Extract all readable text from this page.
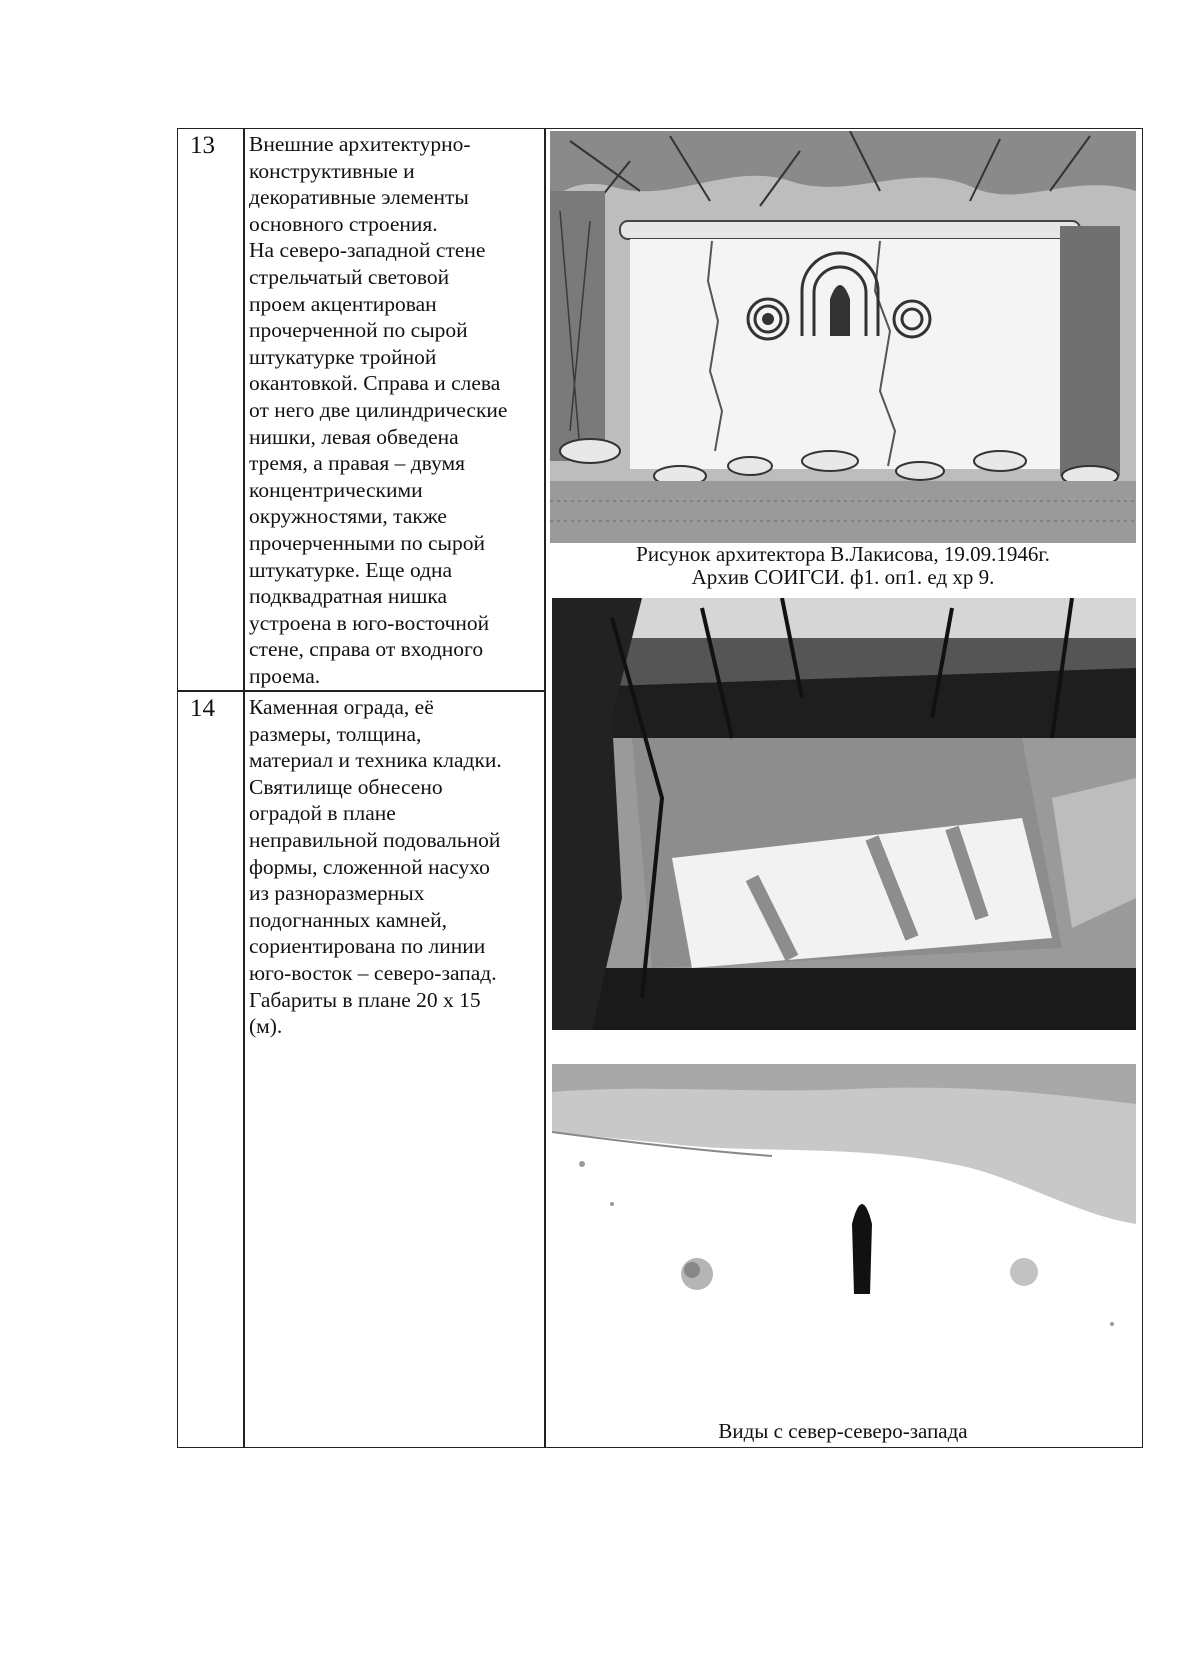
13 Внешние архитектурно-
конструктивные и
декоративные элементы
основного строения.
На северо-западной стене
стрельчатый световой
проем акцентирован
прочерченной по сырой
штукатурке тройной
окантовкой. Справа и слева
от него две цилиндрические
нишки, левая обведена
тремя, а правая – двумя
концентрическими
окружностями, также
прочерченными по сырой
штукатурке. Еще одна
подквадратная нишка
устроена в юго-восточной
стене, справа от входного
проема.
14 Каменная ограда, её
размеры, толщина,
материал и техника кладки.
Святилище обнесено
оградой в плане
неправильной подовальной
формы, сложенной насухо
из разноразмерных
подогнанных камней,
сориентирована по линии
юго-восток – северо-запад.
Габариты в плане 20 х 15
(м).
Рисунок архитектора В.Лакисова, 19.09.1946г.
Архив СОИГСИ. ф1. оп1. ед хр 9.
Виды с север-северо-запада
